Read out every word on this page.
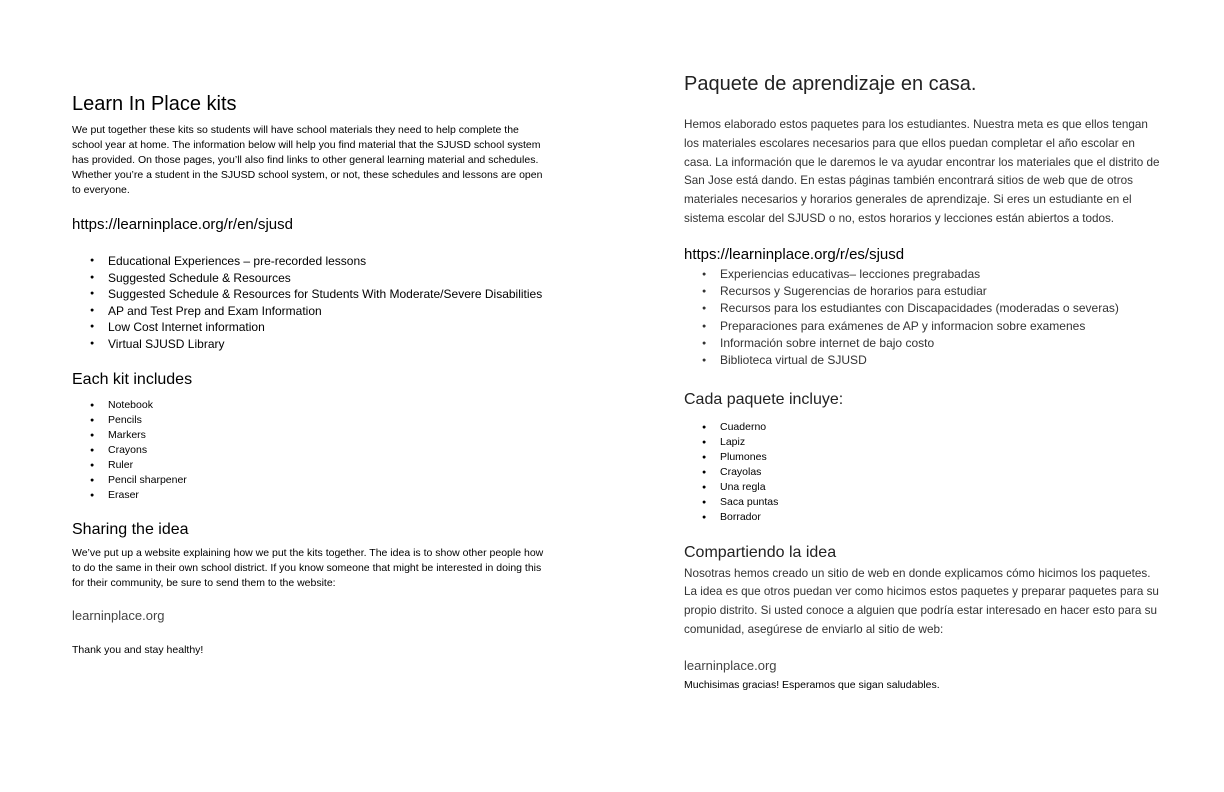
Learn In Place kits

We put together these kits so students will have school materials they need to help complete the school year at home. The information below will help you find material that the SJUSD school system has provided. On those pages, you’ll also find links to other general learning material and schedules. Whether you’re a student in the SJUSD school system, or not, these schedules and lessons are open to everyone.

https://learninplace.org/r/en/sjusd

● Educational Experiences – pre-recorded lessons
● Suggested Schedule & Resources
● Suggested Schedule & Resources for Students With Moderate/Severe Disabilities
● AP and Test Prep and Exam Information
● Low Cost Internet information
● Virtual SJUSD Library
Each kit includes
● Notebook
● Pencils
● Markers
● Crayons
● Ruler
● Pencil sharpener
● Eraser
Sharing the idea

We’ve put up a website explaining how we put the kits together. The idea is to show other people how to do the same in their own school district. If you know someone that might be interested in doing this for their community, be sure to send them to the website:

learninplace.org

Thank you and stay healthy!

Paquete de aprendizaje en casa.

Hemos elaborado estos paquetes para los estudiantes. Nuestra meta es que ellos tengan los materiales escolares necesarios para que ellos puedan completar el año escolar en casa. La información que le daremos le va ayudar encontrar los materiales que el distrito de San Jose está dando. En estas páginas también encontrará sitios de web que de otros materiales necesarios y horarios generales de aprendizaje. Si eres un estudiante en el sistema escolar del SJUSD o no, estos horarios y lecciones están abiertos a todos.

https://learninplace.org/r/es/sjusd

● Experiencias educativas– lecciones pregrabadas
● Recursos y Sugerencias de horarios para estudiar
● Recursos para los estudiantes con Discapacidades (moderadas o severas)
● Preparaciones para exámenes de AP y informacion sobre examenes
● Información sobre internet de bajo costo
● Biblioteca virtual de SJUSD
Cada paquete incluye:
● Cuaderno
● Lapiz
● Plumones
● Crayolas
● Una regla
● Saca puntas
● Borrador
Compartiendo la idea

Nosotras hemos creado un sitio de web en donde explicamos cómo hicimos los paquetes. La idea es que otros puedan ver como hicimos estos paquetes y preparar paquetes para su propio distrito. Si usted conoce a alguien que podría estar interesado en hacer esto para su comunidad, asegúrese de enviarlo al sitio de web:

learninplace.org

Muchisimas gracias! Esperamos que sigan saludables.
